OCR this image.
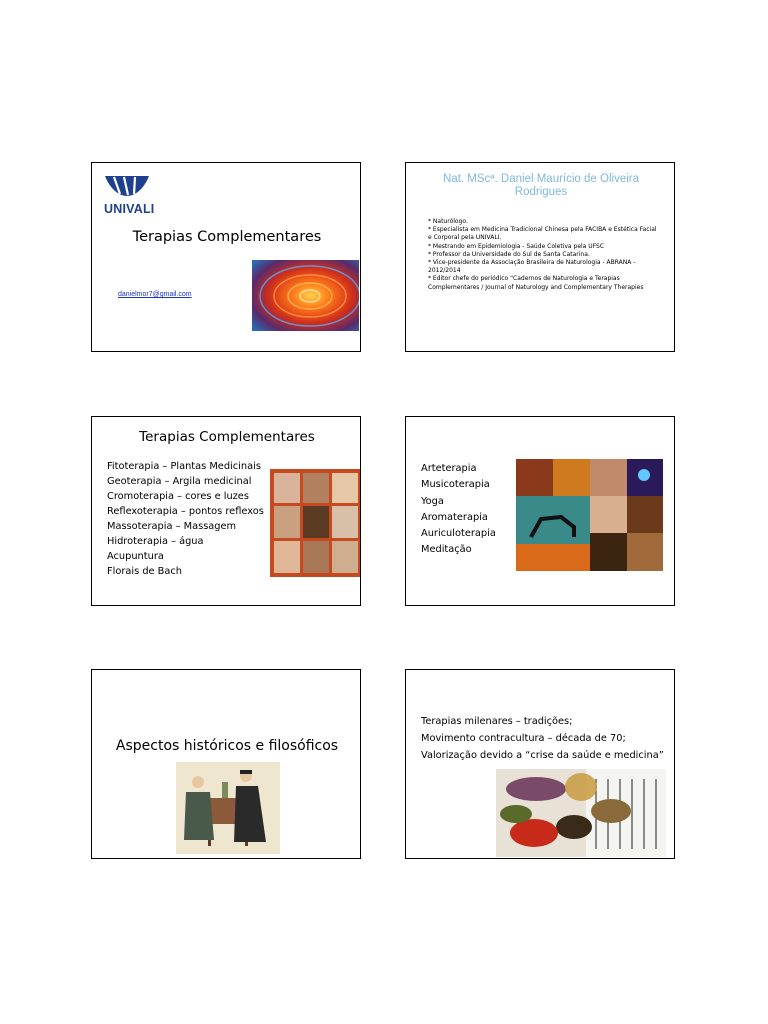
UNIVALI
Terapias Complementares
danielmor7@gmail.com
Nat. MScª. Daniel Maurício de Oliveira Rodrigues
* Naturólogo.
* Especialista em Medicina Tradicional Chinesa pela FACIBA e Estética Facial e Corporal pela UNIVALI.
* Mestrando em Epidemiologia - Saúde Coletiva pela UFSC
* Professor da Universidade do Sul de Santa Catarina.
* Vice-presidente da Associação Brasileira de Naturologia - ABRANA - 2012/2014
* Editor chefe do periódico “Cadernos de Naturologia e Terapias Complementares / Journal of Naturology and Complementary Therapies
Terapias Complementares
Fitoterapia – Plantas Medicinais
Geoterapia – Argila medicinal
Cromoterapia – cores e luzes
Reflexoterapia – pontos reflexos
Massoterapia – Massagem
Hidroterapia – água
Acupuntura
Florais de Bach
Arteterapia
Musicoterapia
Yoga
Aromaterapia
Auriculoterapia
Meditação
Aspectos históricos e filosóficos
Terapias milenares – tradições;
Movimento contracultura – década de 70;
Valorização devido a “crise da saúde e medicina”
